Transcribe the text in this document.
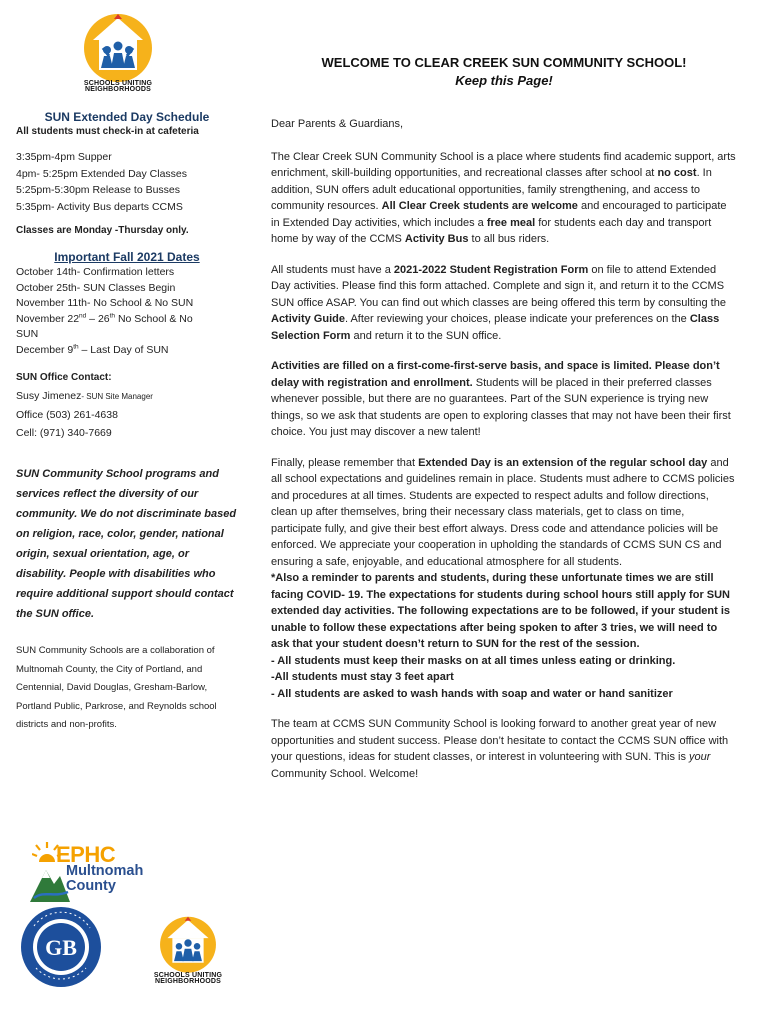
SCHOOLS UNITING
NEIGHBORHOODS
SUN Extended Day Schedule
All students must check-in at cafeteria
3:35pm-4pm Supper
4pm- 5:25pm Extended Day Classes
5:25pm-5:30pm Release to Busses
5:35pm- Activity Bus departs CCMS
Classes are Monday -Thursday only.
Important Fall 2021 Dates
October 14th- Confirmation letters
October 25th- SUN Classes Begin
November 11th- No School & No SUN
November 22nd – 26th No School & No
SUN
December 9th – Last Day of SUN
SUN Office Contact:
Susy Jimenez- SUN Site Manager
Office (503) 261-4638
Cell: (971) 340-7669
SUN Community School programs and services reflect the diversity of our community. We do not discriminate based on religion, race, color, gender, national origin, sexual orientation, age, or disability. People with disabilities who require additional support should contact the SUN office.
SUN Community Schools are a collaboration of Multnomah County, the City of Portland, and Centennial, David Douglas, Gresham-Barlow, Portland Public, Parkrose, and Reynolds school districts and non-profits.
EPHC
Multnomah
County
GB
SCHOOLS UNITING
NEIGHBORHOODS
WELCOME TO CLEAR CREEK SUN COMMUNITY SCHOOL!
Keep this Page!

Dear Parents & Guardians,

The Clear Creek SUN Community School is a place where students find academic support, arts enrichment, skill-building opportunities, and recreational classes after school at no cost. In addition, SUN offers adult educational opportunities, family strengthening, and access to community resources. All Clear Creek students are welcome and encouraged to participate in Extended Day activities, which includes a free meal for students each day and transport home by way of the CCMS Activity Bus to all bus riders.

All students must have a 2021-2022 Student Registration Form on file to attend Extended Day activities. Please find this form attached. Complete and sign it, and return it to the CCMS SUN office ASAP. You can find out which classes are being offered this term by consulting the Activity Guide. After reviewing your choices, please indicate your preferences on the Class Selection Form and return it to the SUN office.

Activities are filled on a first-come-first-serve basis, and space is limited. Please don’t delay with registration and enrollment. Students will be placed in their preferred classes whenever possible, but there are no guarantees. Part of the SUN experience is trying new things, so we ask that students are open to exploring classes that may not have been their first choice. You just may discover a new talent!

Finally, please remember that Extended Day is an extension of the regular school day and all school expectations and guidelines remain in place. Students must adhere to CCMS policies and procedures at all times. Students are expected to respect adults and follow directions, clean up after themselves, bring their necessary class materials, get to class on time, participate fully, and give their best effort always. Dress code and attendance policies will be enforced. We appreciate your cooperation in upholding the standards of CCMS SUN CS and ensuring a safe, enjoyable, and educational atmosphere for all students.

*Also a reminder to parents and students, during these unfortunate times we are still facing COVID- 19. The expectations for students during school hours still apply for SUN extended day activities. The following expectations are to be followed, if your student is unable to follow these expectations after being spoken to after 3 tries, we will need to ask that your student doesn’t return to SUN for the rest of the session.

- All students must keep their masks on at all times unless eating or drinking.

-All students must stay 3 feet apart

- All students are asked to wash hands with soap and water or hand sanitizer

The team at CCMS SUN Community School is looking forward to another great year of new opportunities and student success. Please don’t hesitate to contact the CCMS SUN office with your questions, ideas for student classes, or interest in volunteering with SUN. This is your Community School. Welcome!
